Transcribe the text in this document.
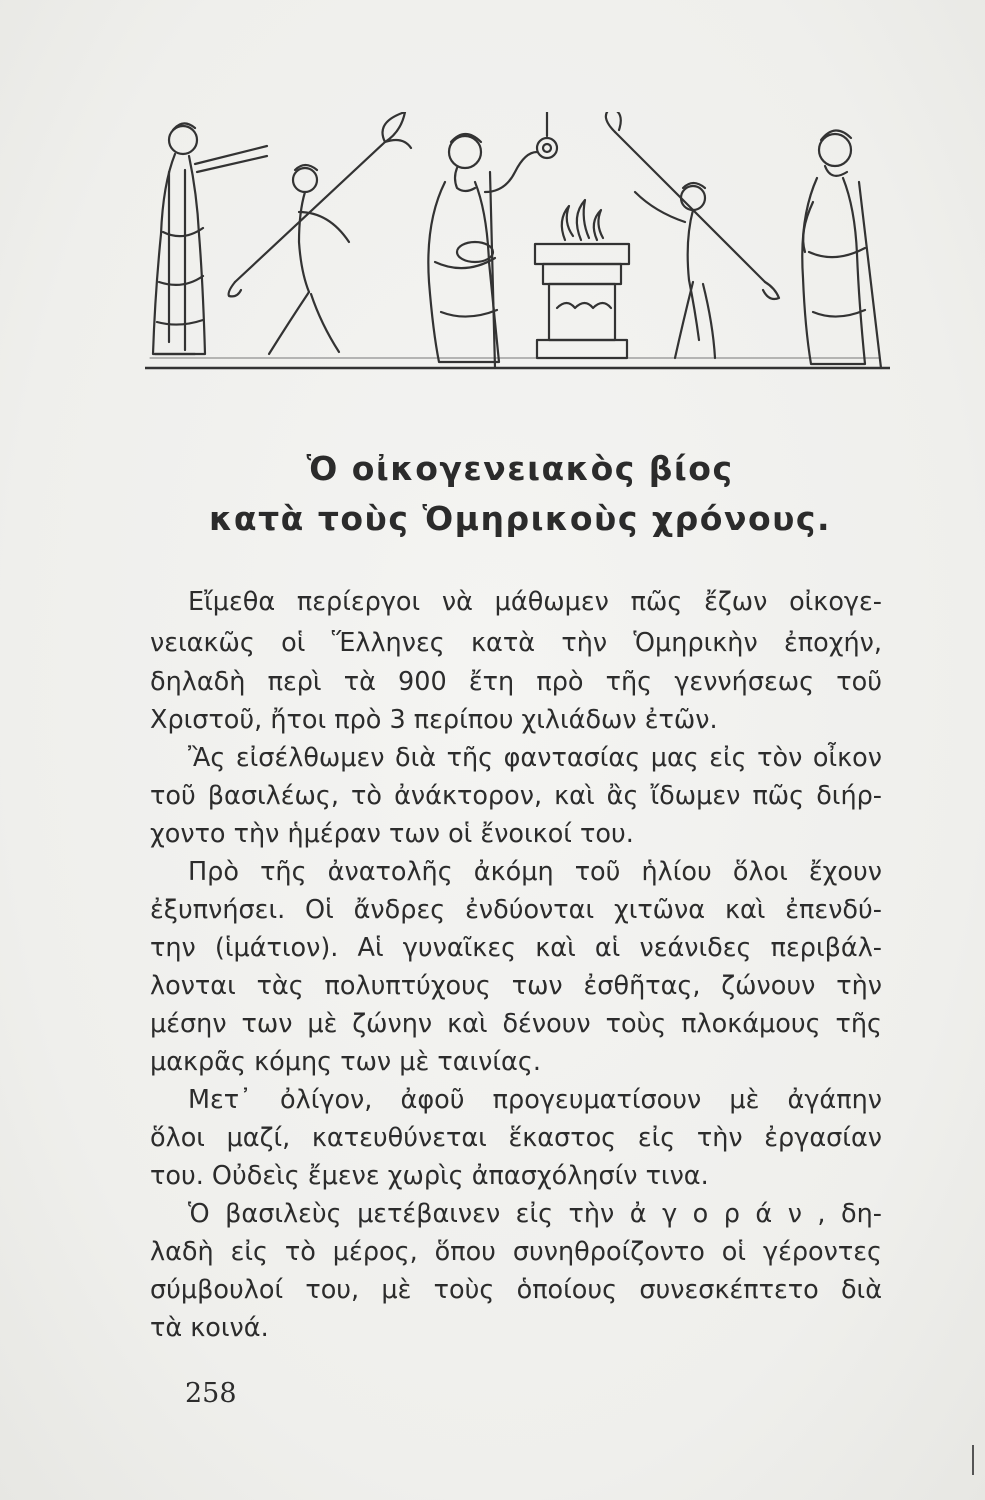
Ὁ οἰκογενειακὸς βίος
κατὰ τοὺς Ὁμηρικοὺς χρόνους.
Εἴμεθα περίεργοι νὰ μάθωμεν πῶς ἔζων οἰκογε-
νειακῶς οἱ Ἕλληνες κατὰ τὴν Ὁμηρικὴν ἐποχήν,
δηλαδὴ περὶ τὰ 900 ἔτη πρὸ τῆς γεννήσεως τοῦ
Χριστοῦ, ἤτοι πρὸ 3 περίπου χιλιάδων ἐτῶν.
Ἂς εἰσέλθωμεν διὰ τῆς φαντασίας μας εἰς τὸν οἶκον
τοῦ βασιλέως, τὸ ἀνάκτορον, καὶ ἂς ἴδωμεν πῶς διήρ-
χοντο τὴν ἡμέραν των οἱ ἔνοικοί του.
Πρὸ τῆς ἀνατολῆς ἀκόμη τοῦ ἡλίου ὅλοι ἔχουν
ἐξυπνήσει. Οἱ ἄνδρες ἐνδύονται χιτῶνα καὶ ἐπενδύ-
την (ἱμάτιον). Αἱ γυναῖκες καὶ αἱ νεάνιδες περιβάλ-
λονται τὰς πολυπτύχους των ἐσθῆτας, ζώνουν τὴν
μέσην των μὲ ζώνην καὶ δένουν τοὺς πλοκάμους τῆς
μακρᾶς κόμης των μὲ ταινίας.
Μετ᾽ ὀλίγον, ἀφοῦ προγευματίσουν μὲ ἀγάπην
ὅλοι μαζί, κατευθύνεται ἕκαστος εἰς τὴν ἐργασίαν
του. Οὐδεὶς ἔμενε χωρὶς ἀπασχόλησίν τινα.
Ὁ βασιλεὺς μετέβαινεν εἰς τὴν ἀ γ ο ρ ά ν , δη-
λαδὴ εἰς τὸ μέρος, ὅπου συνηθροίζοντο οἱ γέροντες
σύμβουλοί του, μὲ τοὺς ὁποίους συνεσκέπτετο διὰ
τὰ κοινά.
258
